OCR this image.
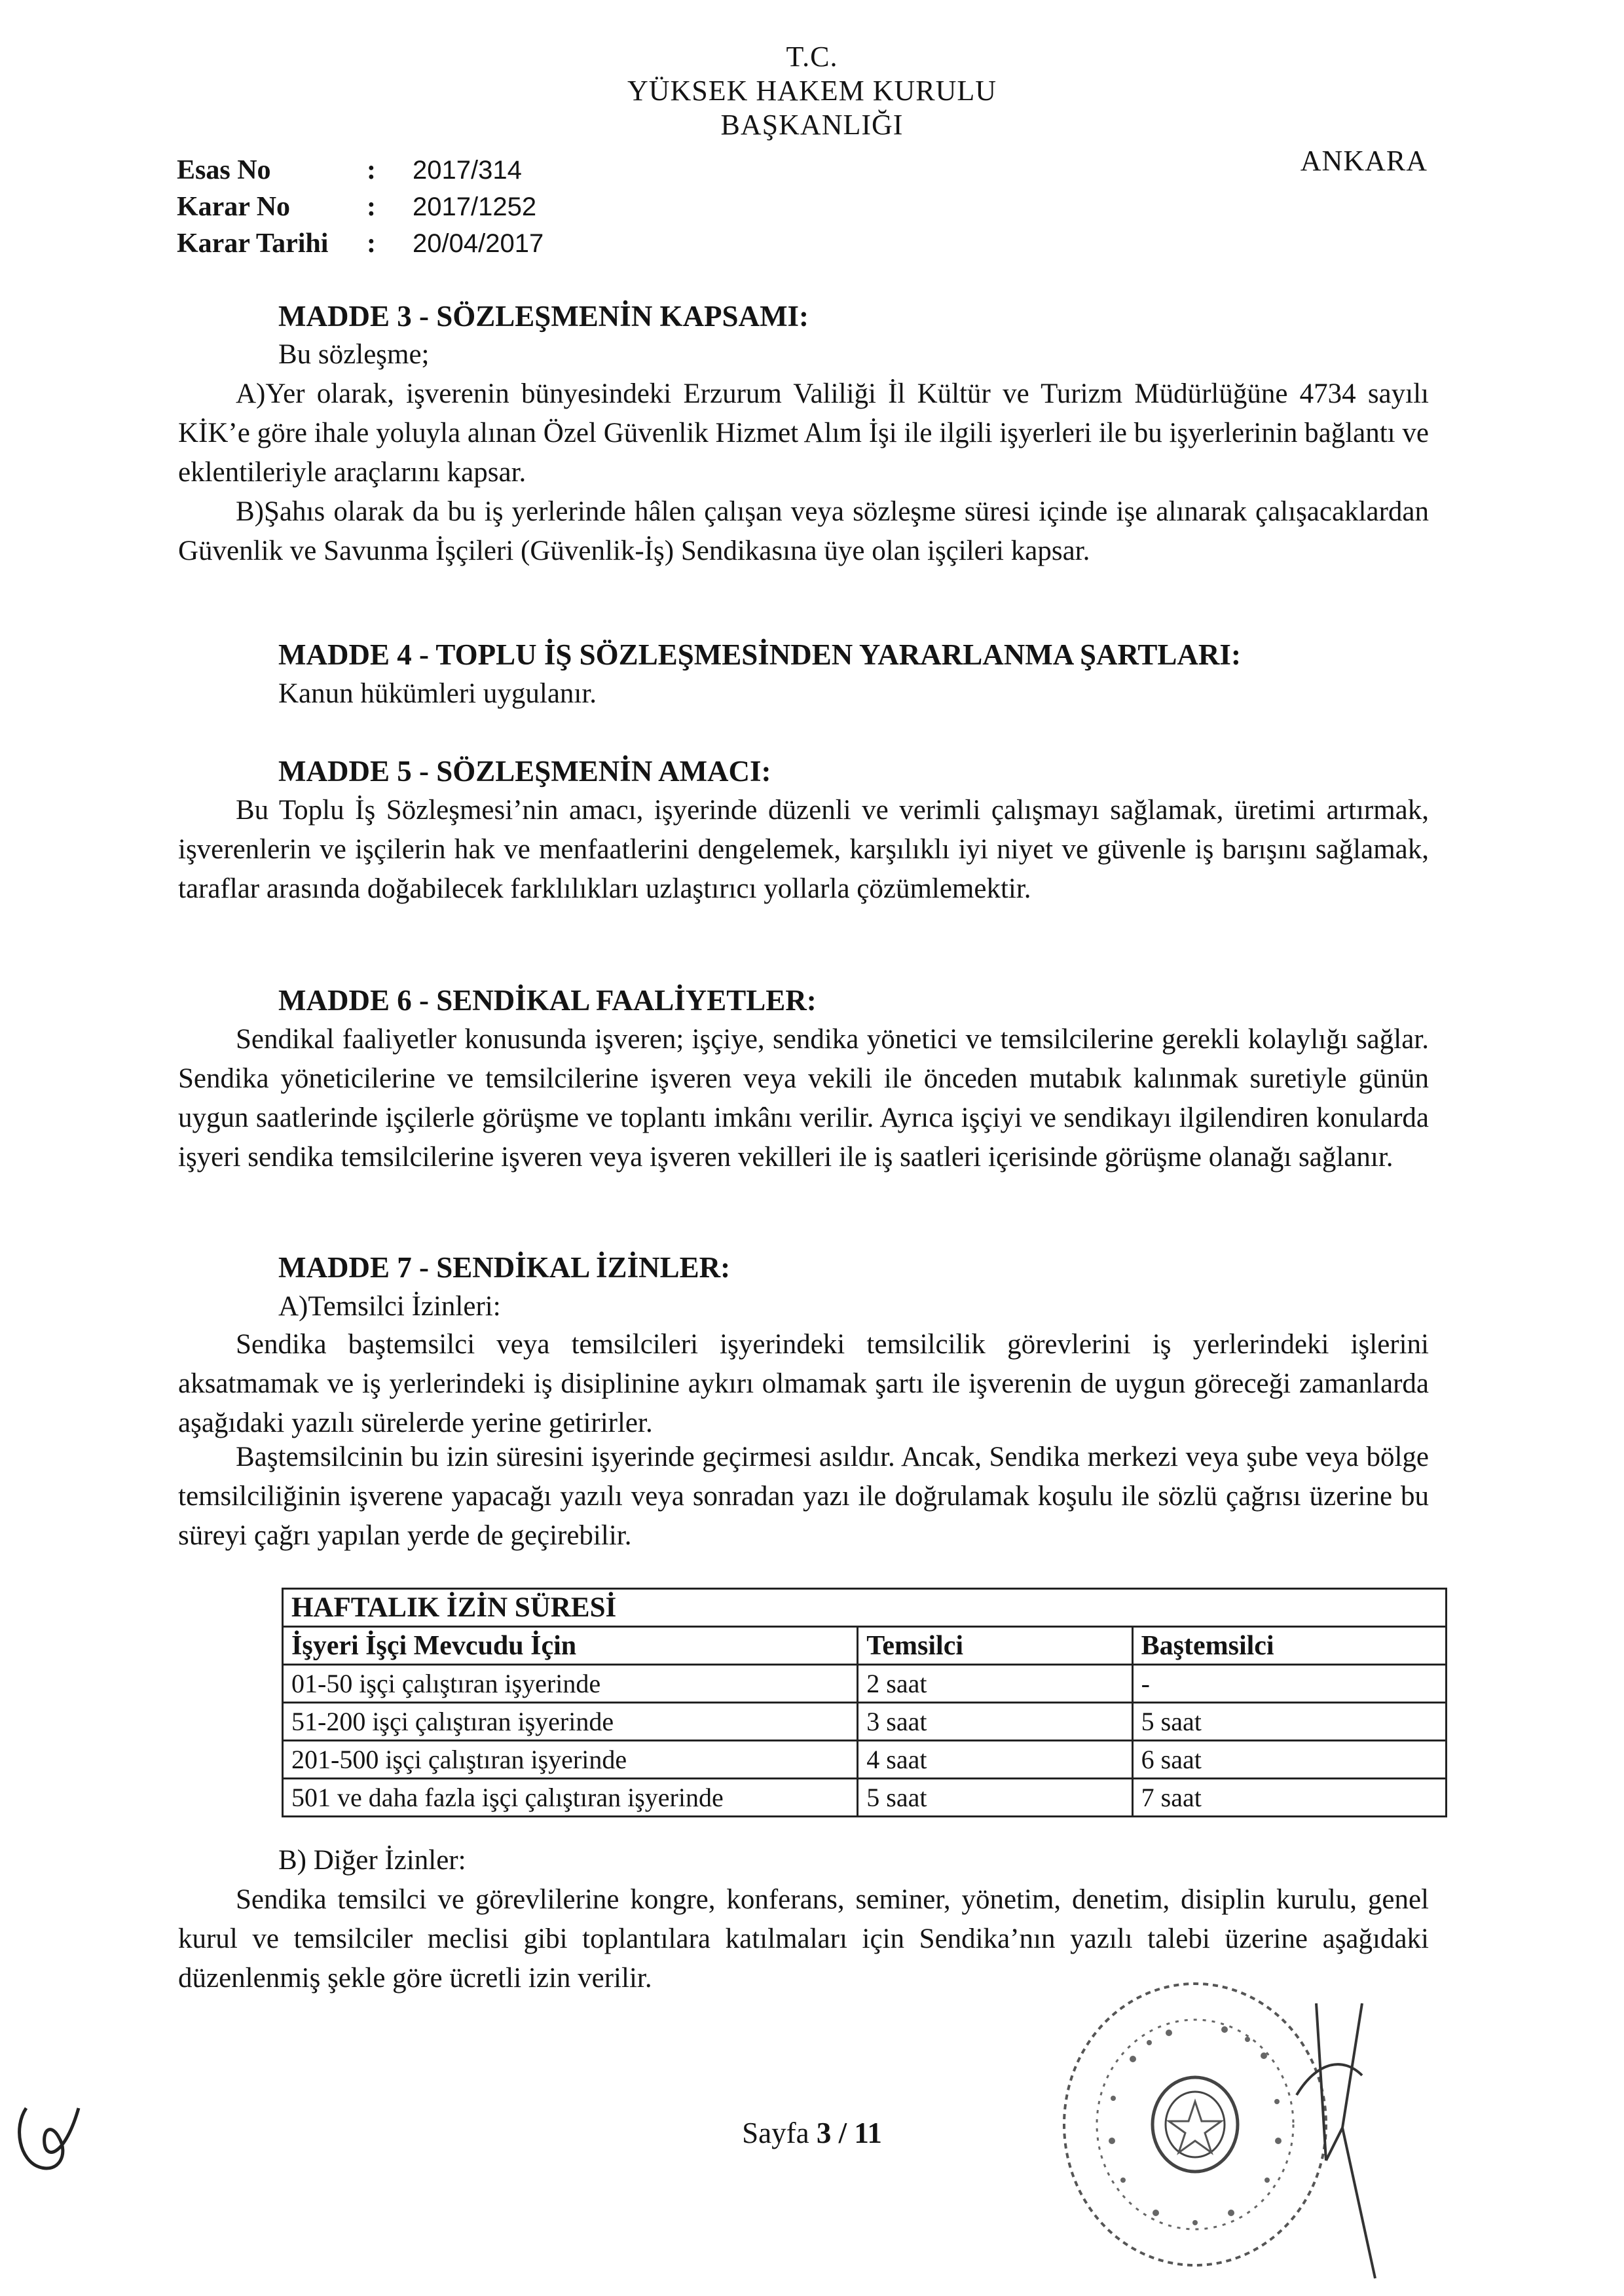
T.C.
YÜKSEK HAKEM KURULU
BAŞKANLIĞI
ANKARA
Esas No	: 2017/314
Karar No	: 2017/1252
Karar Tarihi : 20/04/2017
MADDE 3 - SÖZLEŞMENİN KAPSAMI:

Bu sözleşme;

A)Yer olarak, işverenin bünyesindeki Erzurum Valiliği İl Kültür ve Turizm Müdürlüğüne 4734 sayılı KİK’e göre ihale yoluyla alınan Özel Güvenlik Hizmet Alım İşi ile ilgili işyerleri ile bu işyerlerinin bağlantı ve eklentileriyle araçlarını kapsar.

B)Şahıs olarak da bu iş yerlerinde hâlen çalışan veya sözleşme süresi içinde işe alınarak çalışacaklardan Güvenlik ve Savunma İşçileri (Güvenlik-İş) Sendikasına üye olan işçileri kapsar.

MADDE 4 - TOPLU İŞ SÖZLEŞMESİNDEN YARARLANMA ŞARTLARI:

Kanun hükümleri uygulanır.

MADDE 5 - SÖZLEŞMENİN AMACI:

Bu Toplu İş Sözleşmesi’nin amacı, işyerinde düzenli ve verimli çalışmayı sağlamak, üretimi artırmak, işverenlerin ve işçilerin hak ve menfaatlerini dengelemek, karşılıklı iyi niyet ve güvenle iş barışını sağlamak, taraflar arasında doğabilecek farklılıkları uzlaştırıcı yollarla çözümlemektir.

MADDE 6 - SENDİKAL FAALİYETLER:

Sendikal faaliyetler konusunda işveren; işçiye, sendika yönetici ve temsilcilerine gerekli kolaylığı sağlar. Sendika yöneticilerine ve temsilcilerine işveren veya vekili ile önceden mutabık kalınmak suretiyle günün uygun saatlerinde işçilerle görüşme ve toplantı imkânı verilir. Ayrıca işçiyi ve sendikayı ilgilendiren konularda işyeri sendika temsilcilerine işveren veya işveren vekilleri ile iş saatleri içerisinde görüşme olanağı sağlanır.

MADDE 7 - SENDİKAL İZİNLER:

A)Temsilci İzinleri:

Sendika baştemsilci veya temsilcileri işyerindeki temsilcilik görevlerini iş yerlerindeki işlerini aksatmamak ve iş yerlerindeki iş disiplinine aykırı olmamak şartı ile işverenin de uygun göreceği zamanlarda aşağıdaki yazılı sürelerde yerine getirirler.

Baştemsilcinin bu izin süresini işyerinde geçirmesi asıldır. Ancak, Sendika merkezi veya şube veya bölge temsilciliğinin işverene yapacağı yazılı veya sonradan yazı ile doğrulamak koşulu ile sözlü çağrısı üzerine bu süreyi çağrı yapılan yerde de geçirebilir.

HAFTALIK İZİN SÜRESİ		
İşyeri İşçi Mevcudu İçin	Temsilci	Baştemsilci
01-50 işçi çalıştıran işyerinde	2 saat	-
51-200 işçi çalıştıran işyerinde	3 saat	5 saat
201-500 işçi çalıştıran işyerinde	4 saat	6 saat
501 ve daha fazla işçi çalıştıran işyerinde	5 saat	7 saat

B) Diğer İzinler:

Sendika temsilci ve görevlilerine kongre, konferans, seminer, yönetim, denetim, disiplin kurulu, genel kurul ve temsilciler meclisi gibi toplantılara katılmaları için Sendika’nın yazılı talebi üzerine aşağıdaki düzenlenmiş şekle göre ücretli izin verilir.

Sayfa 3 / 11
